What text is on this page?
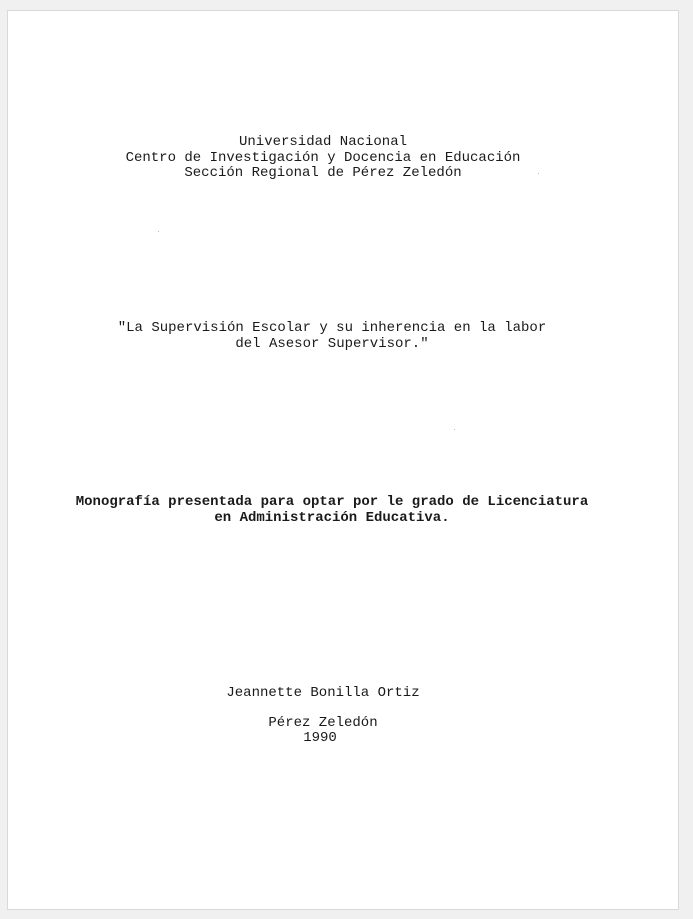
Universidad Nacional
Centro de Investigación y Docencia en Educación
Sección Regional de Pérez Zeledón
"La Supervisión Escolar y su inherencia en la labor
del Asesor Supervisor."
Monografía presentada para optar por le grado de Licenciatura
en Administración Educativa.
Jeannette Bonilla Ortiz
Pérez Zeledón
1990
